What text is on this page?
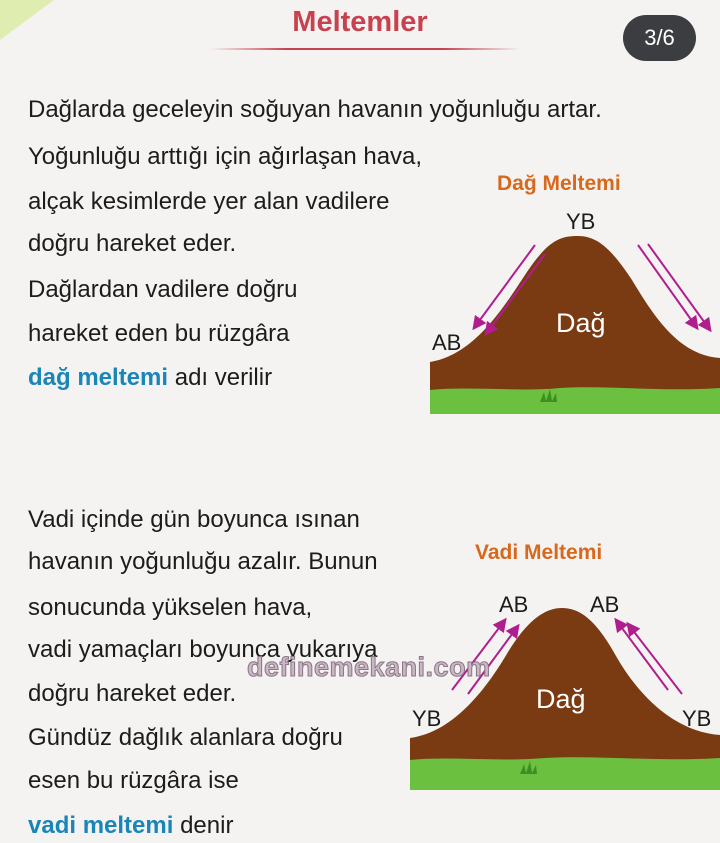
Meltemler	3/6
Dağlarda geceleyin soğuyan havanın yoğunluğu artar.
Yoğunluğu arttığı için ağırlaşan hava,
alçak kesimlerde yer alan vadilere
doğru hareket eder.
Dağlardan vadilere doğru
hareket eden bu rüzgâra
dağ meltemi adı verilir
Dağ Meltemi
YB
AB
Dağ
Vadi içinde gün boyunca ısınan
havanın yoğunluğu azalır. Bunun
sonucunda yükselen hava,
vadi yamaçları boyunca yukarıya
doğru hareket eder.
Gündüz dağlık alanlara doğru
esen bu rüzgâra ise
vadi meltemi denir
Vadi Meltemi
AB	AB
YB	YB
Dağ
definemekani.com
